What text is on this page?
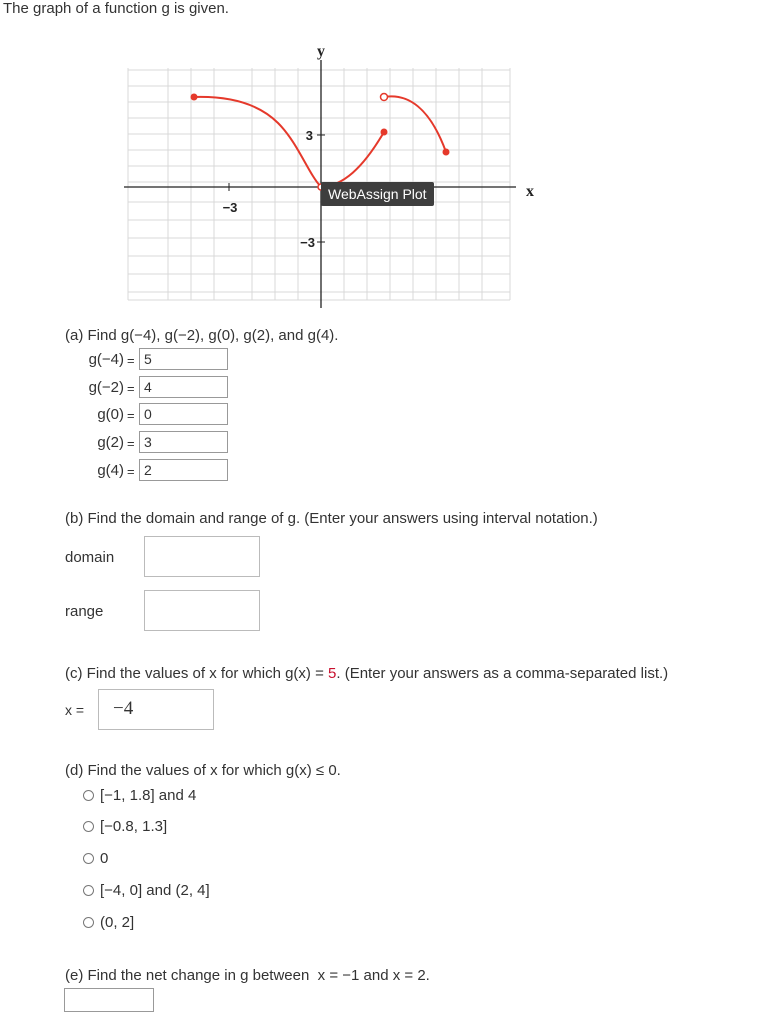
The graph of a function g is given.
y
x
−3
3
−3
WebAssign Plot
(a) Find g(−4), g(−2), g(0), g(2), and g(4).
g(−4) = 5
g(−2) = 4
g(0) = 0
g(2) = 3
g(4) = 2
(b) Find the domain and range of g. (Enter your answers using interval notation.)
domain
range
(c) Find the values of x for which g(x) = 5. (Enter your answers as a comma-separated list.)
x =	−4
(d) Find the values of x for which g(x) ≤ 0.
[−1, 1.8] and 4
[−0.8, 1.3]
0
[−4, 0] and (2, 4]
(0, 2]
(e) Find the net change in g between  x = −1 and x = 2.
